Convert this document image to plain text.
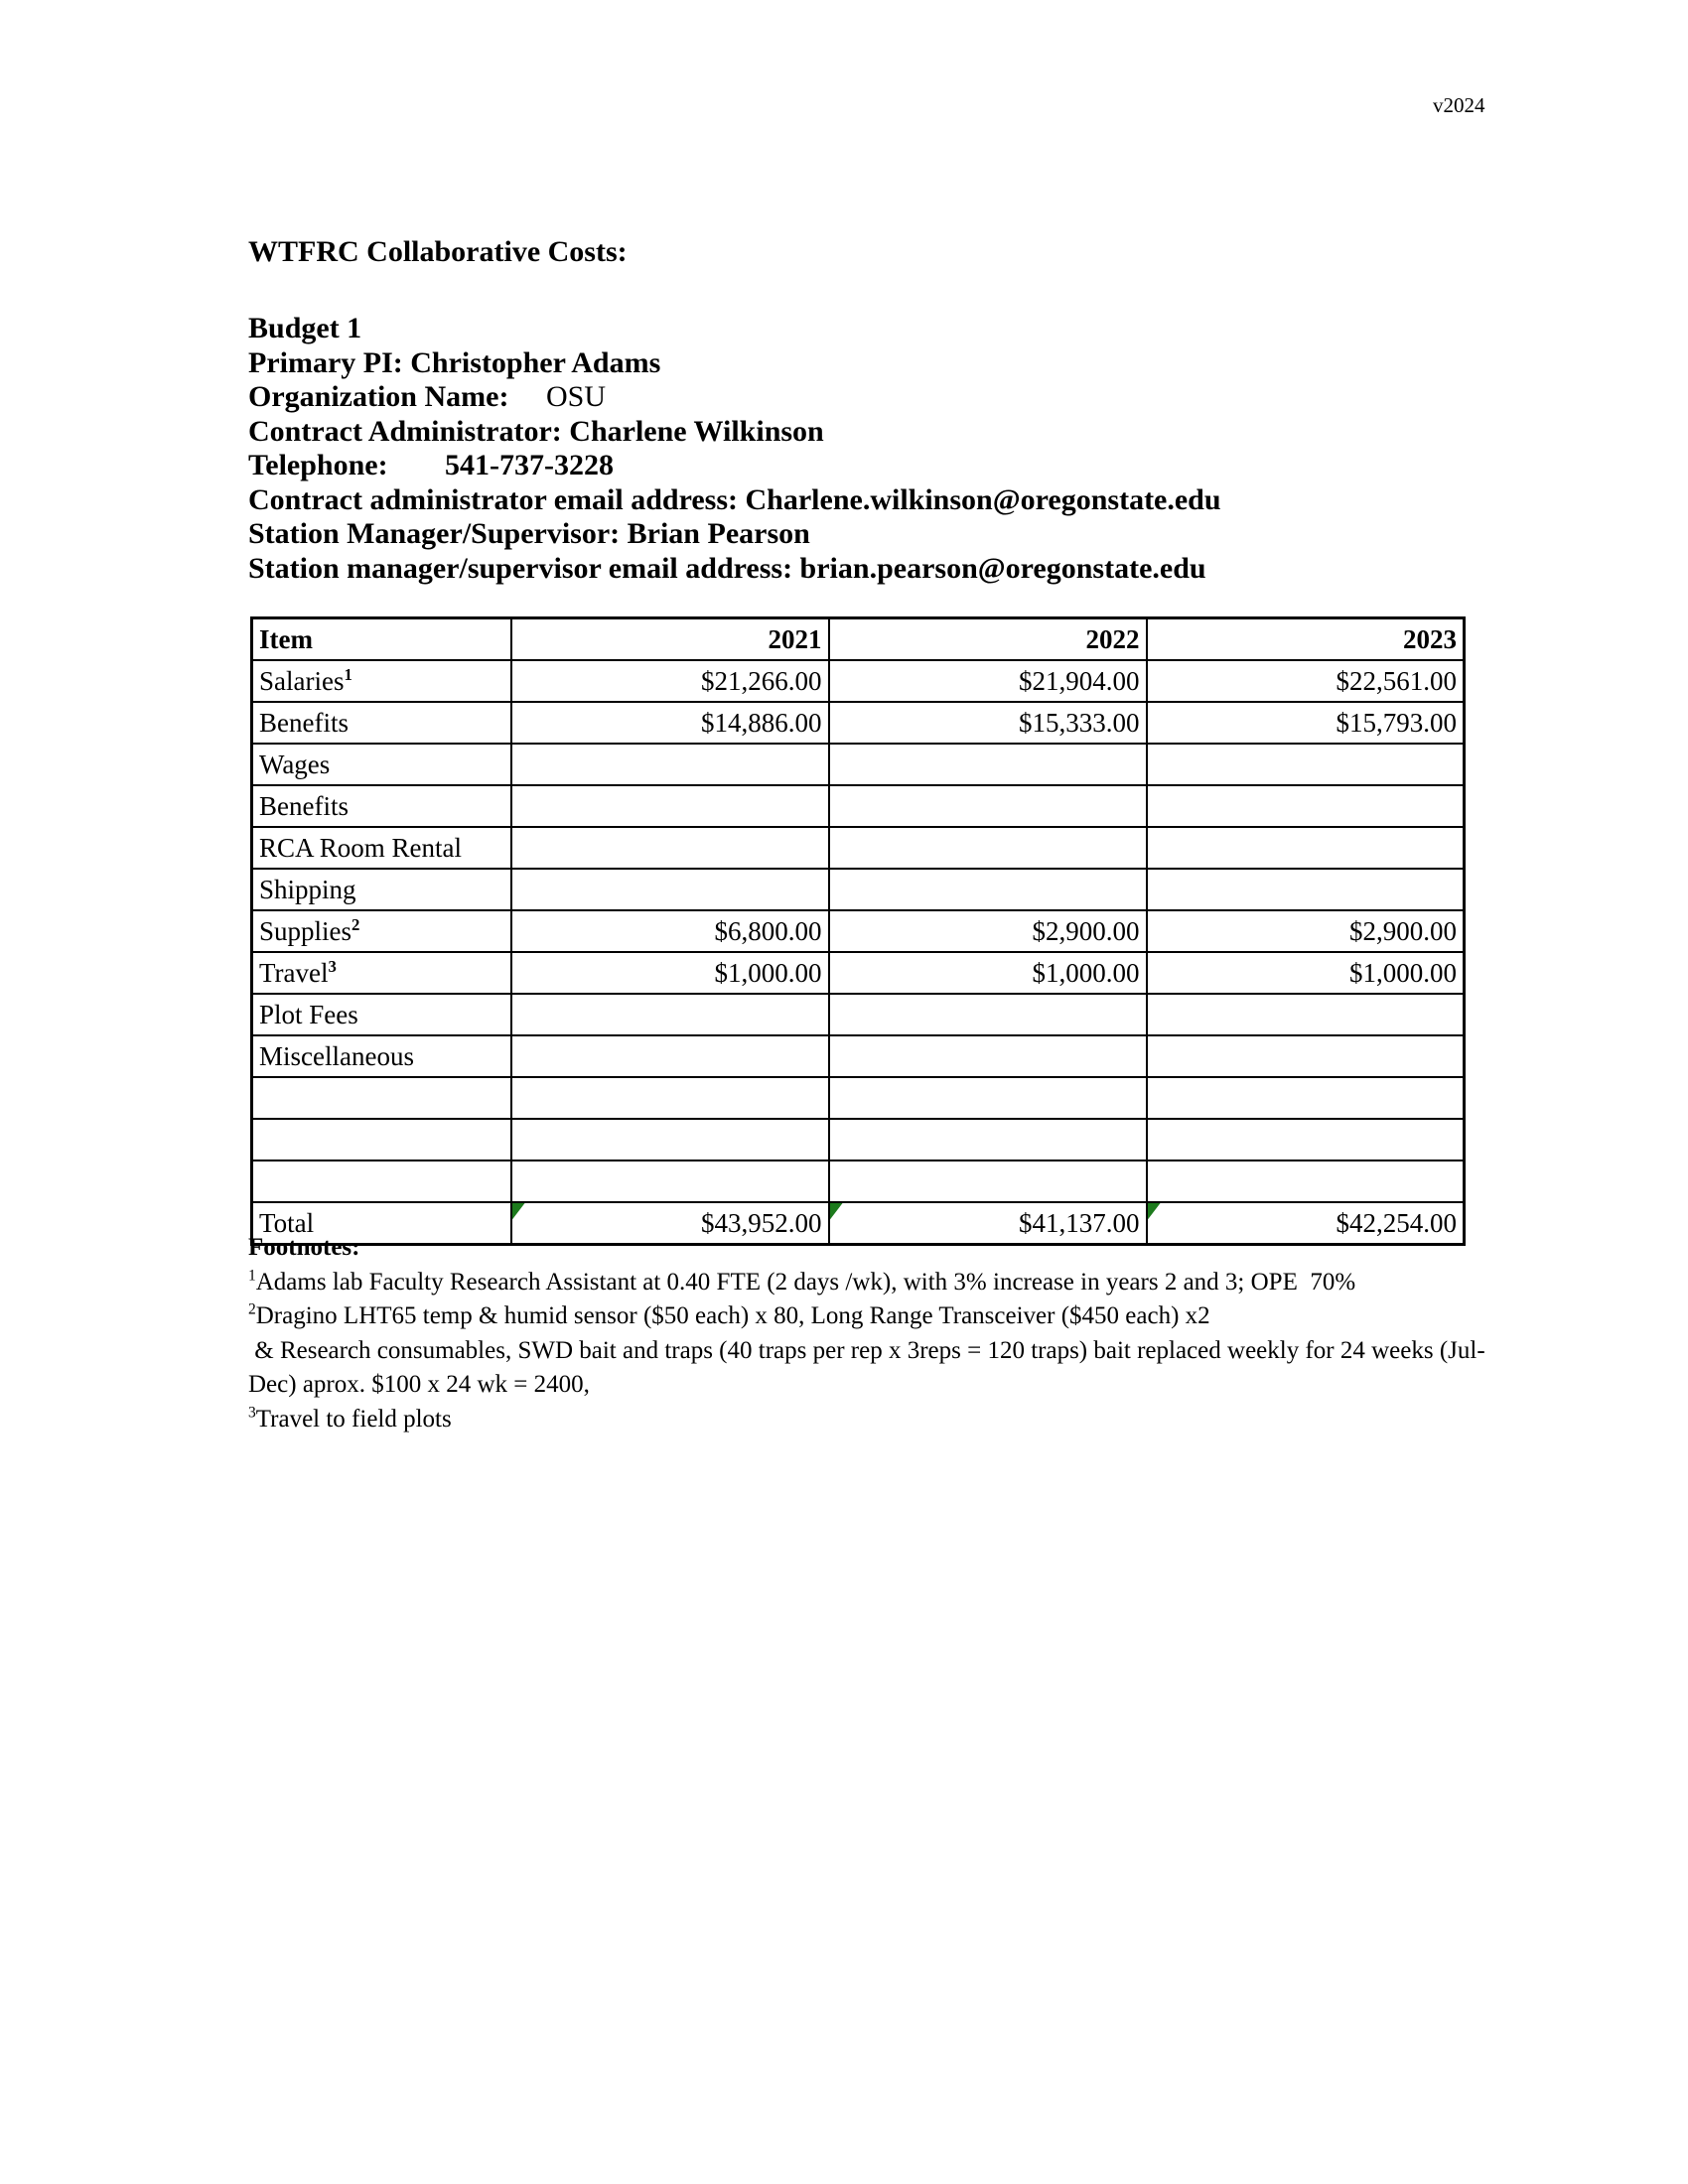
v2024
WTFRC Collaborative Costs:
Budget 1
Primary PI: Christopher Adams
Organization Name: OSU
Contract Administrator: Charlene Wilkinson
Telephone: 541-737-3228
Contract administrator email address: Charlene.wilkinson@oregonstate.edu
Station Manager/Supervisor: Brian Pearson
Station manager/supervisor email address: brian.pearson@oregonstate.edu
Item	2021	2022	2023
Salaries$^1$	$21,266.00	$21,904.00	$22,561.00
Benefits	$14,886.00	$15,333.00	$15,793.00
Wages			
Benefits			
RCA Room Rental			
Shipping			
Supplies$^2$	$6,800.00	$2,900.00	$2,900.00
Travel$^3$	$1,000.00	$1,000.00	$1,000.00
Plot Fees			
Miscellaneous			

Total	$43,952.00	$41,137.00	$42,254.00
Footnotes:
$^1$Adams lab Faculty Research Assistant at 0.40 FTE (2 days /wk), with 3% increase in years 2 and 3; OPE  70%
$^2$Dragino LHT65 temp & humid sensor ($50 each) x 80, Long Range Transceiver ($450 each) x2
& Research consumables, SWD bait and traps (40 traps per rep x 3reps = 120 traps) bait replaced weekly for 24 weeks (Jul-
Dec) aprox. $100 x 24 wk = 2400,
$^3$Travel to field plots
